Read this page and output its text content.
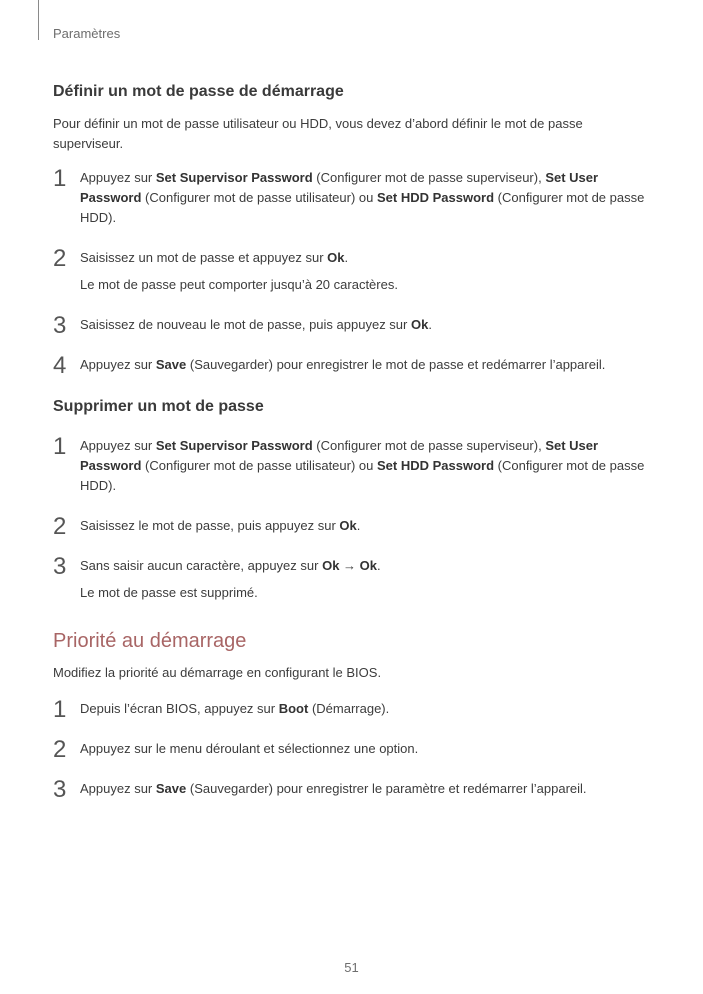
Paramètres
Définir un mot de passe de démarrage

Pour définir un mot de passe utilisateur ou HDD, vous devez d’abord définir le mot de passe superviseur.

1 Appuyez sur Set Supervisor Password (Configurer mot de passe superviseur), Set User Password (Configurer mot de passe utilisateur) ou Set HDD Password (Configurer mot de passe HDD).
2 Saisissez un mot de passe et appuyez sur Ok.
Le mot de passe peut comporter jusqu’à 20 caractères.
3 Saisissez de nouveau le mot de passe, puis appuyez sur Ok.
4 Appuyez sur Save (Sauvegarder) pour enregistrer le mot de passe et redémarrer l’appareil.
Supprimer un mot de passe
1 Appuyez sur Set Supervisor Password (Configurer mot de passe superviseur), Set User Password (Configurer mot de passe utilisateur) ou Set HDD Password (Configurer mot de passe HDD).
2 Saisissez le mot de passe, puis appuyez sur Ok.
3 Sans saisir aucun caractère, appuyez sur Ok → Ok.
Le mot de passe est supprimé.
Priorité au démarrage

Modifiez la priorité au démarrage en configurant le BIOS.

1 Depuis l’écran BIOS, appuyez sur Boot (Démarrage).
2 Appuyez sur le menu déroulant et sélectionnez une option.
3 Appuyez sur Save (Sauvegarder) pour enregistrer le paramètre et redémarrer l’appareil.
51
